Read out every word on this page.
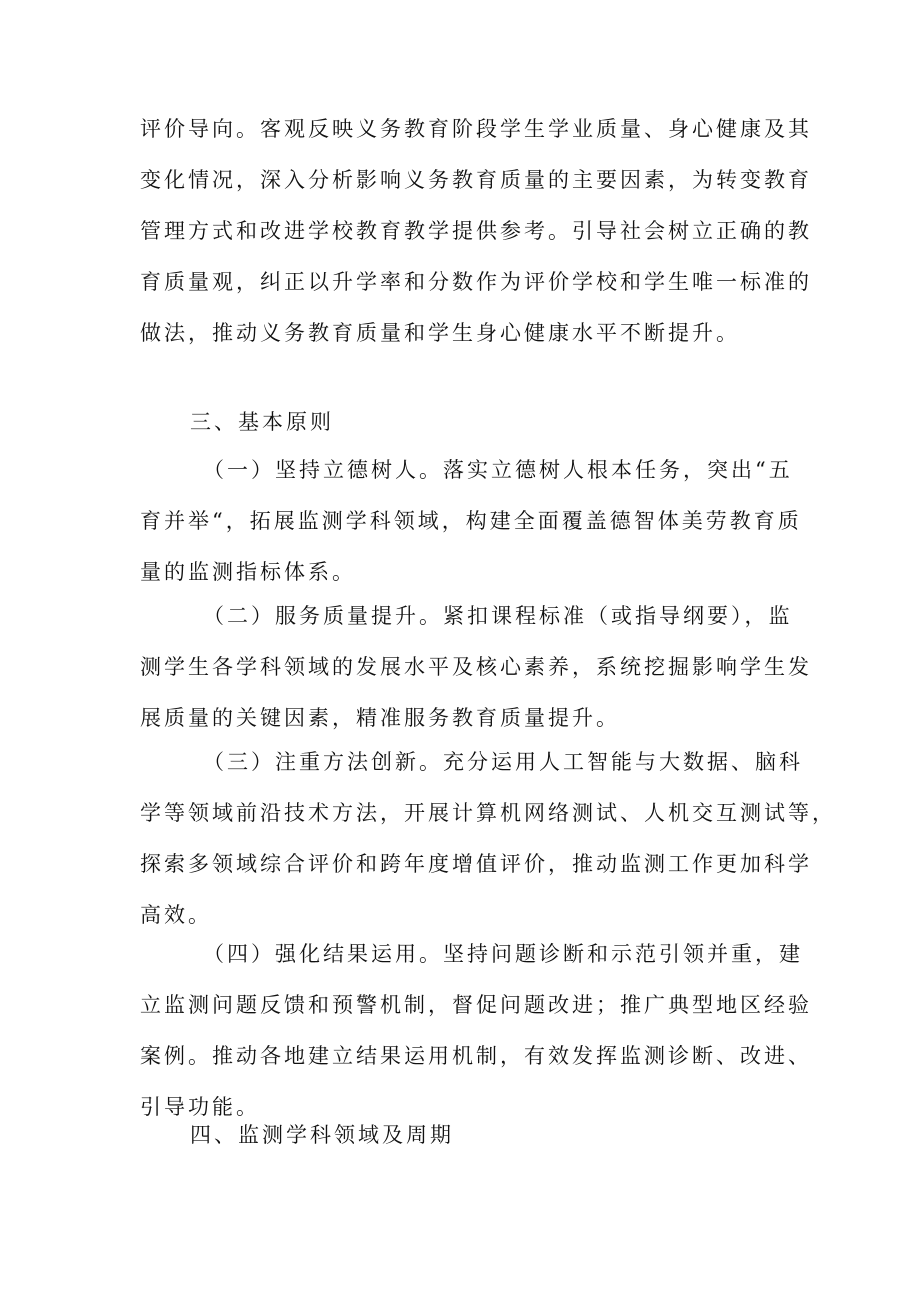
评价导向。客观反映义务教育阶段学生学业质量、身心健康及其
变化情况，深入分析影响义务教育质量的主要因素，为转变教育
管理方式和改进学校教育教学提供参考。引导社会树立正确的教
育质量观，纠正以升学率和分数作为评价学校和学生唯一标准的
做法，推动义务教育质量和学生身心健康水平不断提升。
三、基本原则
（一）坚持立德树人。落实立德树人根本任务，突出“五
育并举“，拓展监测学科领域，构建全面覆盖德智体美劳教育质
量的监测指标体系。
（二）服务质量提升。紧扣课程标准（或指导纲要），监
测学生各学科领域的发展水平及核心素养，系统挖掘影响学生发
展质量的关键因素，精准服务教育质量提升。
（三）注重方法创新。充分运用人工智能与大数据、脑科
学等领域前沿技术方法，开展计算机网络测试、人机交互测试等，
探索多领域综合评价和跨年度增值评价，推动监测工作更加科学
高效。
（四）强化结果运用。坚持问题诊断和示范引领并重，建
立监测问题反馈和预警机制，督促问题改进；推广典型地区经验
案例。推动各地建立结果运用机制，有效发挥监测诊断、改进、
引导功能。
四、监测学科领域及周期
